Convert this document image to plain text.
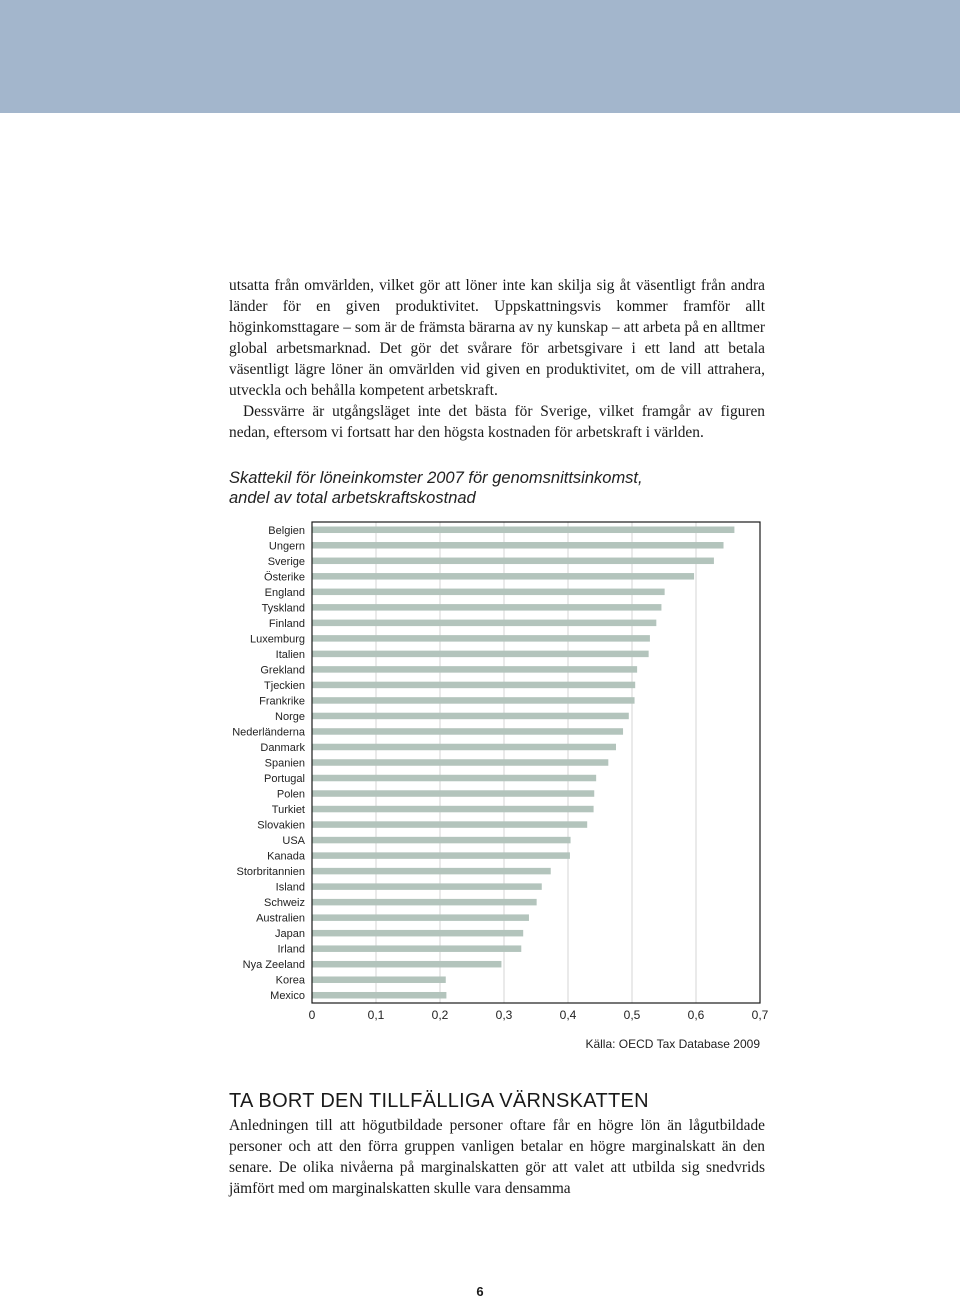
utsatta från omvärlden, vilket gör att löner inte kan skilja sig åt väsentligt från andra länder för en given produktivitet. Uppskattningsvis kommer framför allt höginkomsttagare – som är de främsta bärarna av ny kunskap – att arbeta på en alltmer global arbetsmarknad. Det gör det svårare för arbetsgivare i ett land att betala väsentligt lägre löner än omvärlden vid given en produktivitet, om de vill attrahera, utveckla och behålla kompetent arbetskraft.

Dessvärre är utgångsläget inte det bästa för Sverige, vilket framgår av figuren nedan, eftersom vi fortsatt har den högsta kostnaden för arbetskraft i världen.

Skattekil för löneinkomster 2007 för genomsnittsinkomst,
andel av total arbetskraftskostnad
Belgien
Ungern
Sverige
Österike
England
Tyskland
Finland
Luxemburg
Italien
Grekland
Tjeckien
Frankrike
Norge
Nederländerna
Danmark
Spanien
Portugal
Polen
Turkiet
Slovakien
USA
Kanada
Storbritannien
Island
Schweiz
Australien
Japan
Irland
Nya Zeeland
Korea
Mexico
0	0,1	0,2	0,3	0,4	0,5	0,6	0,7
Källa: OECD Tax Database 2009
TA BORT DEN TILLFÄLLIGA VÄRNSKATTEN

Anledningen till att högutbildade personer oftare får en högre lön än lågutbildade personer och att den förra gruppen vanligen betalar en högre marginalskatt än den senare. De olika nivåerna på marginalskatten gör att valet att utbilda sig snedvrids jämfört med om marginalskatten skulle vara densamma

6
